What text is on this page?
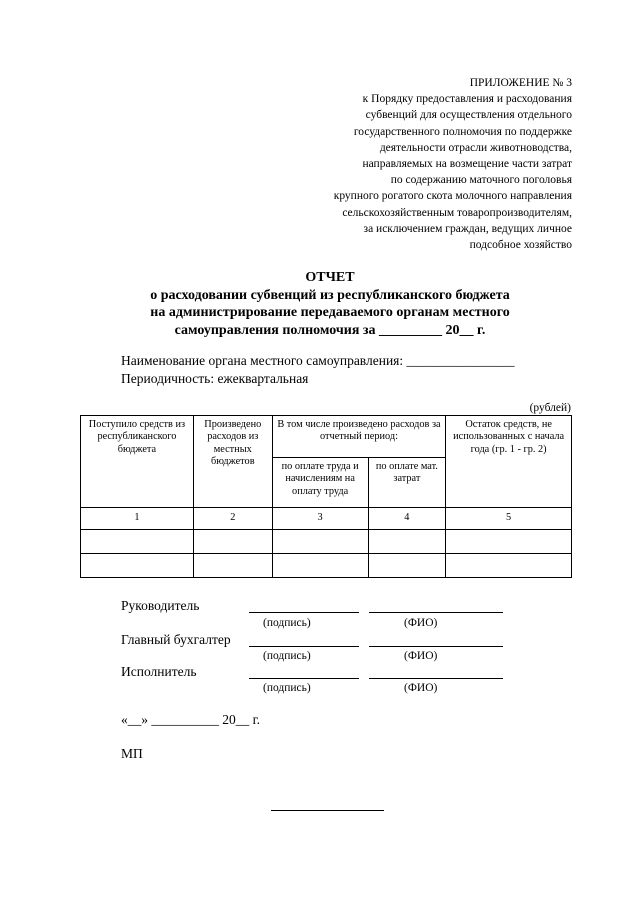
ПРИЛОЖЕНИЕ № 3
к Порядку предоставления и расходования
субвенций для осуществления отдельного
государственного полномочия по поддержке
деятельности отрасли животноводства,
направляемых на возмещение части затрат
по содержанию маточного поголовья
крупного рогатого скота молочного направления
сельскохозяйственным товаропроизводителям,
за исключением граждан, ведущих личное
подсобное хозяйство
ОТЧЕТ
о расходовании субвенций из республиканского бюджета
на администрирование передаваемого органам местного
самоуправления полномочия за _________ 20__ г.
Наименование органа местного самоуправления: ________________
Периодичность: ежеквартальная
(рублей)
Поступило средств из республиканского бюджета	Произведено расходов из местных бюджетов	В том числе произведено расходов за отчетный период:		Остаток средств, не использованных с начала года (гр. 1 - гр. 2)
		по оплате труда и начислениям на оплату труда	по оплате мат. затрат	
1	2	3	4	5

Руководитель
(подпись)	(ФИО)
Главный бухгалтер
(подпись)	(ФИО)
Исполнитель
(подпись)	(ФИО)
«__» __________ 20__ г.
МП
